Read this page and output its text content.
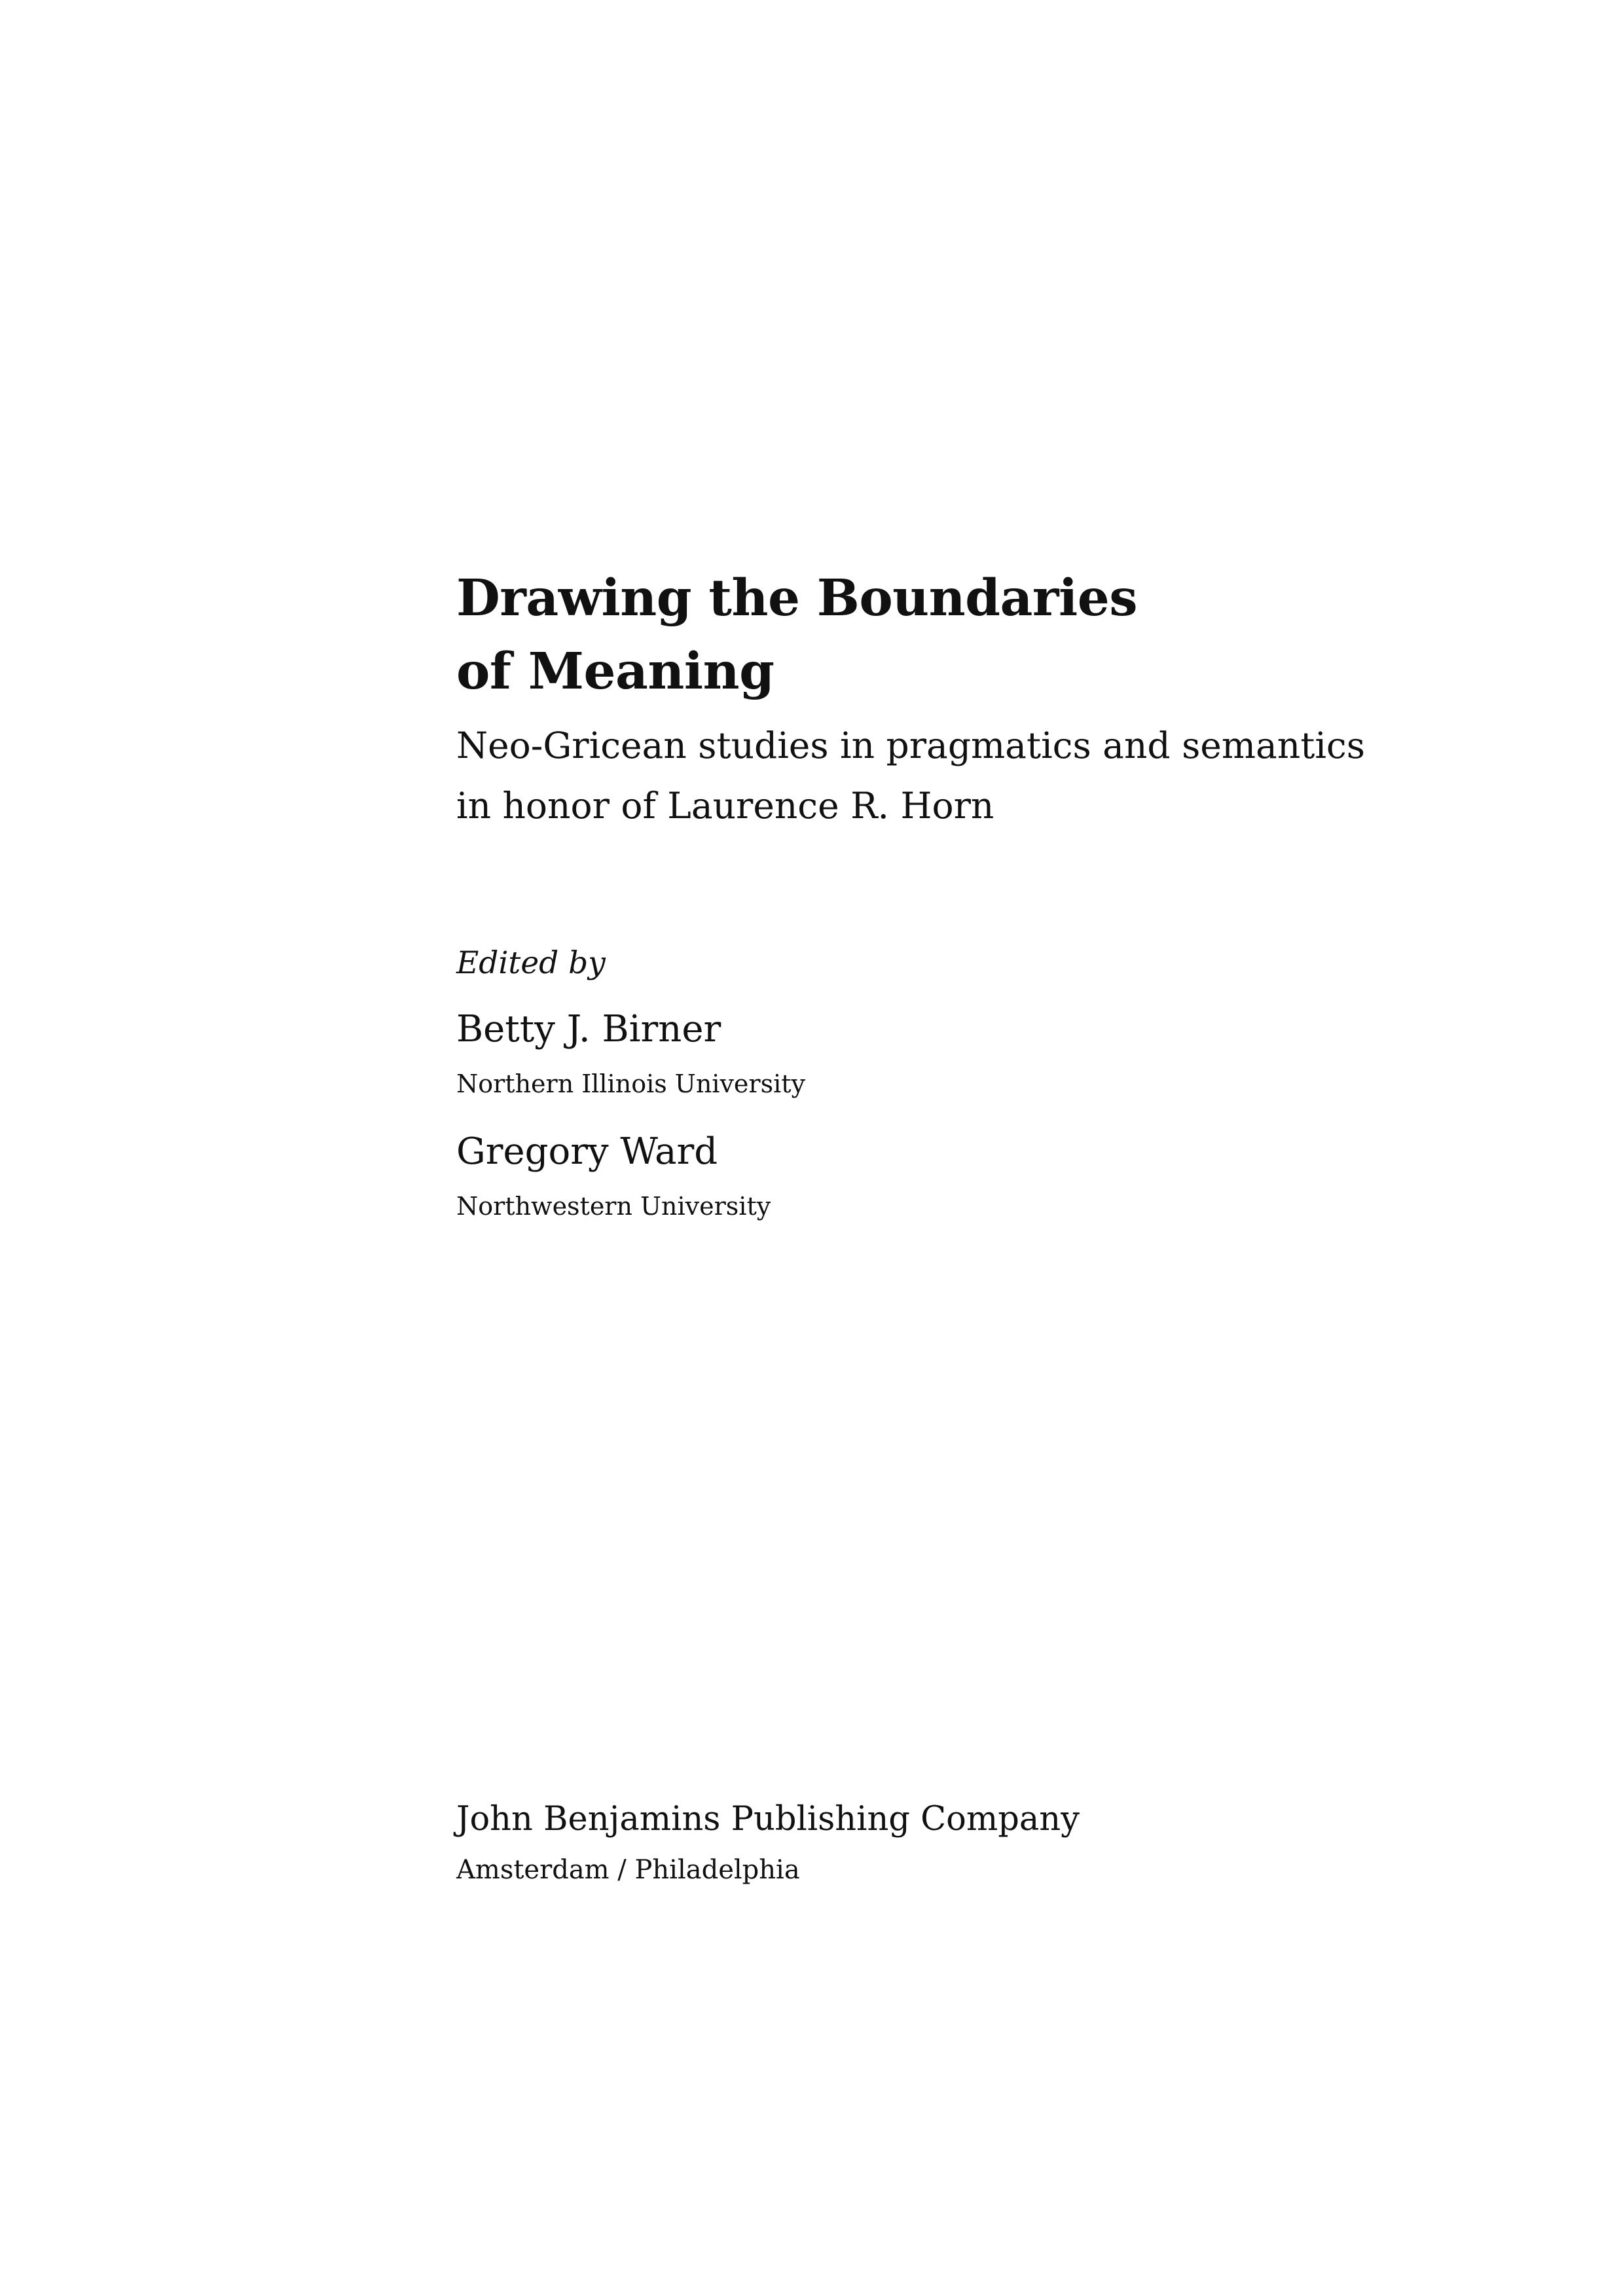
Drawing the Boundaries
of Meaning
Neo-Gricean studies in pragmatics and semantics
in honor of Laurence R. Horn
Edited by
Betty J. Birner
Northern Illinois University
Gregory Ward
Northwestern University
John Benjamins Publishing Company
Amsterdam / Philadelphia
